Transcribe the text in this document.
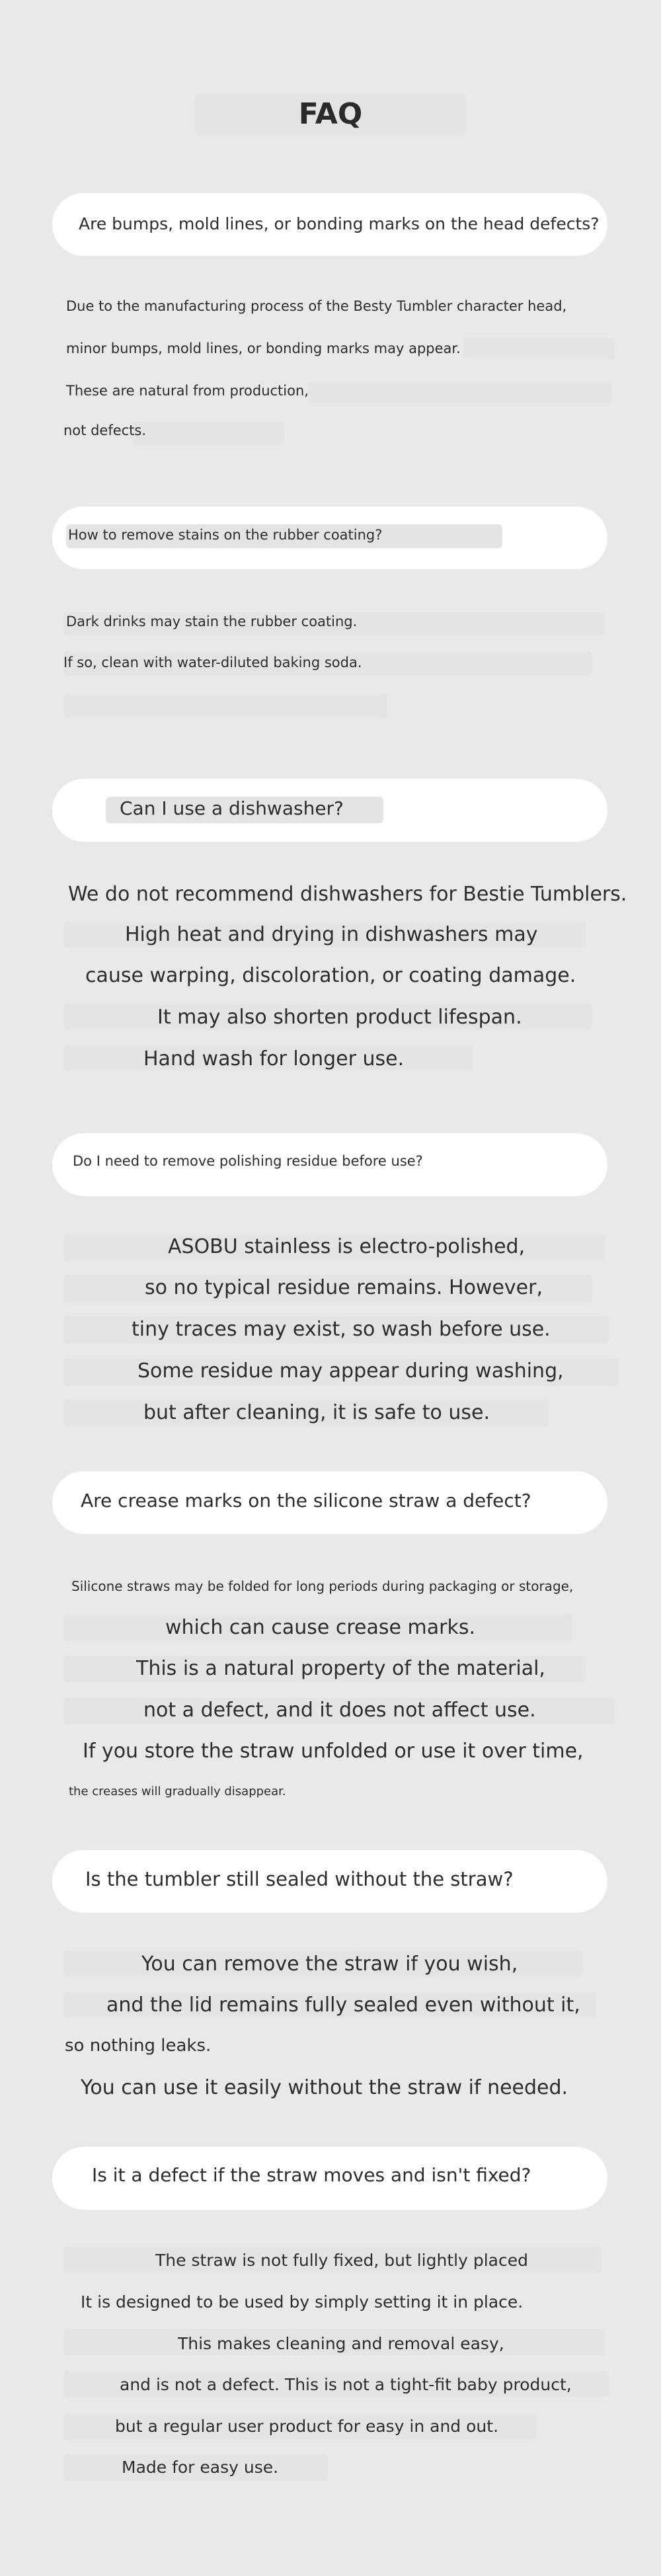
FAQ
Are bumps, mold lines, or bonding marks on the head defects?
Due to the manufacturing process of the Besty Tumbler character head,
minor bumps, mold lines, or bonding marks may appear.
These are natural from production,
not defects.
How to remove stains on the rubber coating?
Dark drinks may stain the rubber coating.
If so, clean with water-diluted baking soda.
Can I use a dishwasher?
We do not recommend dishwashers for Bestie Tumblers.
High heat and drying in dishwashers may
cause warping, discoloration, or coating damage.
It may also shorten product lifespan.
Hand wash for longer use.
Do I need to remove polishing residue before use?
ASOBU stainless is electro-polished,
so no typical residue remains. However,
tiny traces may exist, so wash before use.
Some residue may appear during washing,
but after cleaning, it is safe to use.
Are crease marks on the silicone straw a defect?
Silicone straws may be folded for long periods during packaging or storage,
which can cause crease marks.
This is a natural property of the material,
not a defect, and it does not affect use.
If you store the straw unfolded or use it over time,
the creases will gradually disappear.
Is the tumbler still sealed without the straw?
You can remove the straw if you wish,
and the lid remains fully sealed even without it,
so nothing leaks.
You can use it easily without the straw if needed.
Is it a defect if the straw moves and isn't fixed?
The straw is not fully fixed, but lightly placed
It is designed to be used by simply setting it in place.
This makes cleaning and removal easy,
and is not a defect. This is not a tight-fit baby product,
but a regular user product for easy in and out.
Made for easy use.
